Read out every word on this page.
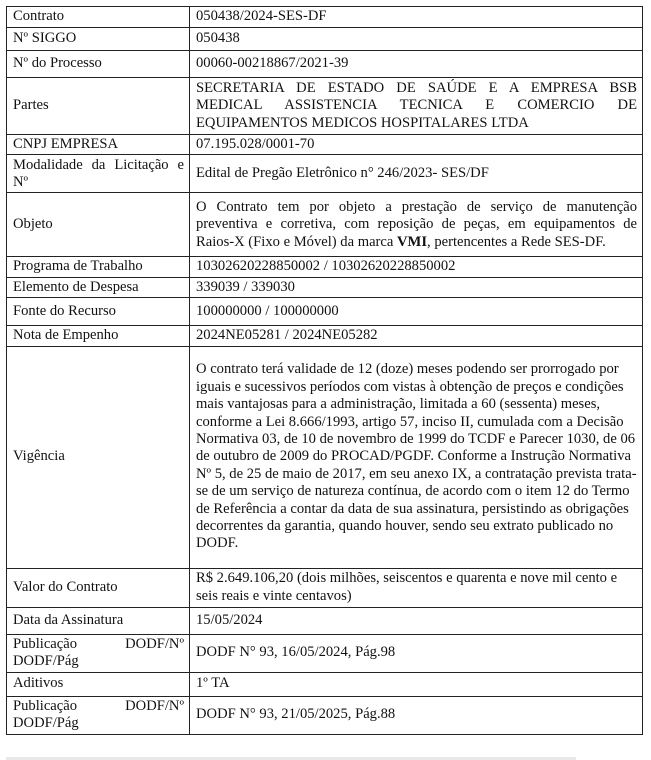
Contrato	050438/2024-SES-DF
Nº SIGGO	050438
Nº do Processo	00060-00218867/2021-39
Partes	SECRETARIA DE ESTADO DE SAÚDE E A EMPRESA BSB MEDICAL ASSISTENCIA TECNICA E COMERCIO DE EQUIPAMENTOS MEDICOS HOSPITALARES LTDA
CNPJ EMPRESA	07.195.028/0001-70
Modalidade da Licitação e Nº	Edital de Pregão Eletrônico n° 246/2023- SES/DF
Objeto	O Contrato tem por objeto a prestação de serviço de manutenção preventiva e corretiva, com reposição de peças, em equipamentos de Raios-X (Fixo e Móvel) da marca VMI, pertencentes a Rede SES-DF.
Programa de Trabalho	10302620228850002 / 10302620228850002
Elemento de Despesa	339039 / 339030
Fonte do Recurso	100000000 / 100000000
Nota de Empenho	2024NE05281 / 2024NE05282
Vigência	O contrato terá validade de 12 (doze) meses podendo ser prorrogado por iguais e sucessivos períodos com vistas à obtenção de preços e condições mais vantajosas para a administração, limitada a 60 (sessenta) meses, conforme a Lei 8.666/1993, artigo 57, inciso II, cumulada com a Decisão Normativa 03, de 10 de novembro de 1999 do TCDF e Parecer 1030, de 06 de outubro de 2009 do PROCAD/PGDF. Conforme a Instrução Normativa Nº 5, de 25 de maio de 2017, em seu anexo IX, a contratação prevista trata-se de um serviço de natureza contínua, de acordo com o item 12 do Termo de Referência a contar da data de sua assinatura, persistindo as obrigações decorrentes da garantia, quando houver, sendo seu extrato publicado no DODF.
Valor do Contrato	R$ 2.649.106,20 (dois milhões, seiscentos e quarenta e nove mil cento e seis reais e vinte centavos)
Data da Assinatura	15/05/2024

Publicação DODF/Nº
DODF/Pág	DODF N° 93, 16/05/2024, Pág.98
Aditivos	1º TA

Publicação DODF/Nº
DODF/Pág	DODF N° 93, 21/05/2025, Pág.88
